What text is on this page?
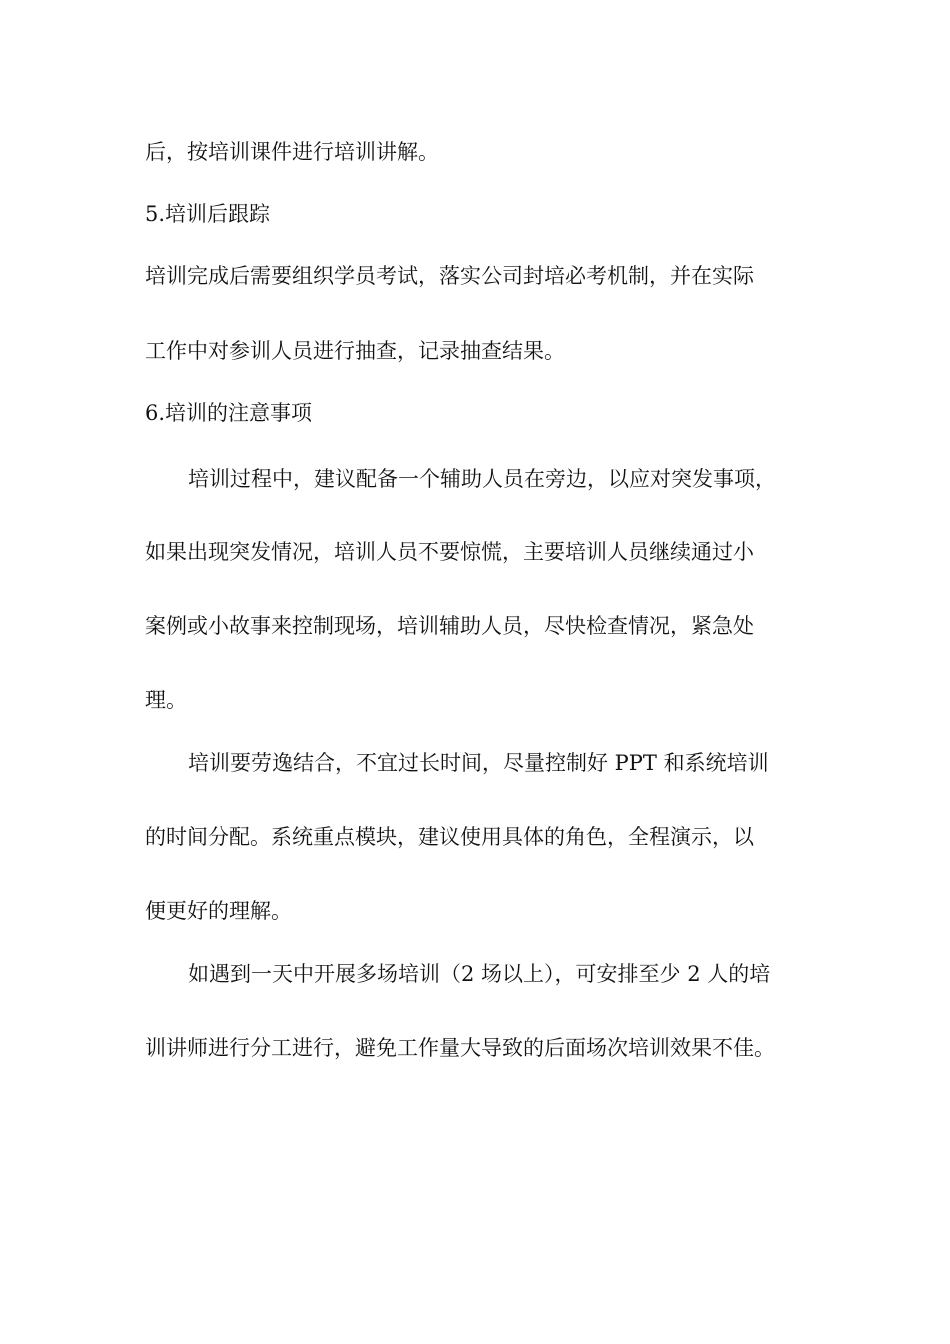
后，按培训课件进行培训讲解。
5.培训后跟踪
培训完成后需要组织学员考试，落实公司封培必考机制，并在实际
工作中对参训人员进行抽查，记录抽查结果。
6.培训的注意事项
培训过程中，建议配备一个辅助人员在旁边，以应对突发事项，
如果出现突发情况，培训人员不要惊慌，主要培训人员继续通过小
案例或小故事来控制现场，培训辅助人员，尽快检查情况，紧急处
理。
培训要劳逸结合，不宜过长时间，尽量控制好 PPT 和系统培训
的时间分配。系统重点模块，建议使用具体的角色，全程演示，以
便更好的理解。
如遇到一天中开展多场培训（2 场以上），可安排至少 2 人的培
训讲师进行分工进行，避免工作量大导致的后面场次培训效果不佳。
